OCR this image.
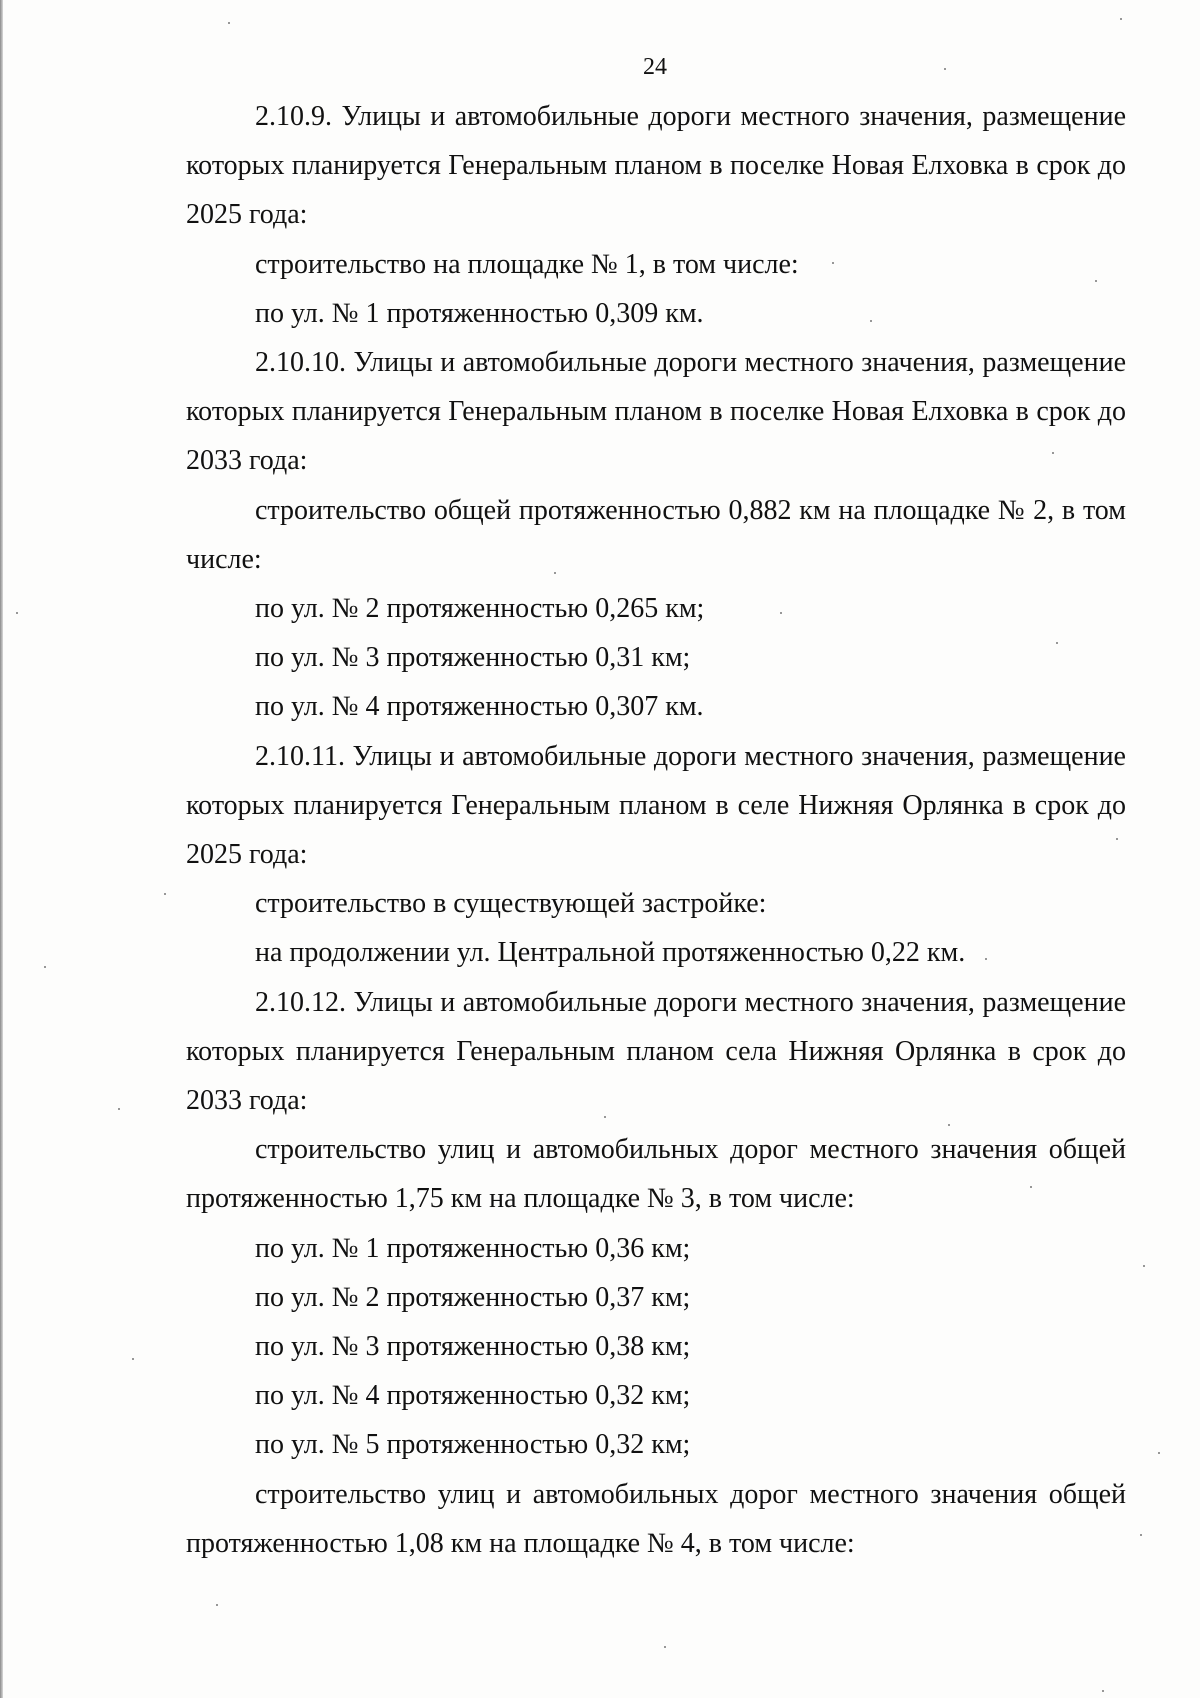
24

2.10.9. Улицы и автомобильные дороги местного значения, размещение которых планируется Генеральным планом в поселке Новая Елховка в срок до 2025 года:

строительство на площадке № 1, в том числе:

по ул. № 1 протяженностью 0,309 км.

2.10.10. Улицы и автомобильные дороги местного значения, размещение которых планируется Генеральным планом в поселке Новая Елховка в срок до 2033 года:

строительство общей протяженностью 0,882 км на площадке № 2, в том числе:

по ул. № 2 протяженностью 0,265 км;

по ул. № 3 протяженностью 0,31 км;

по ул. № 4 протяженностью 0,307 км.

2.10.11. Улицы и автомобильные дороги местного значения, размещение которых планируется Генеральным планом в селе Нижняя Орлянка в срок до 2025 года:

строительство в существующей застройке:

на продолжении ул. Центральной протяженностью 0,22 км.

2.10.12. Улицы и автомобильные дороги местного значения, размещение которых планируется Генеральным планом села Нижняя Орлянка в срок до 2033 года:

строительство улиц и автомобильных дорог местного значения общей протяженностью 1,75 км на площадке № 3, в том числе:

по ул. № 1 протяженностью 0,36 км;

по ул. № 2 протяженностью 0,37 км;

по ул. № 3 протяженностью 0,38 км;

по ул. № 4 протяженностью 0,32 км;

по ул. № 5 протяженностью 0,32 км;

строительство улиц и автомобильных дорог местного значения общей протяженностью 1,08 км на площадке № 4, в том числе:
